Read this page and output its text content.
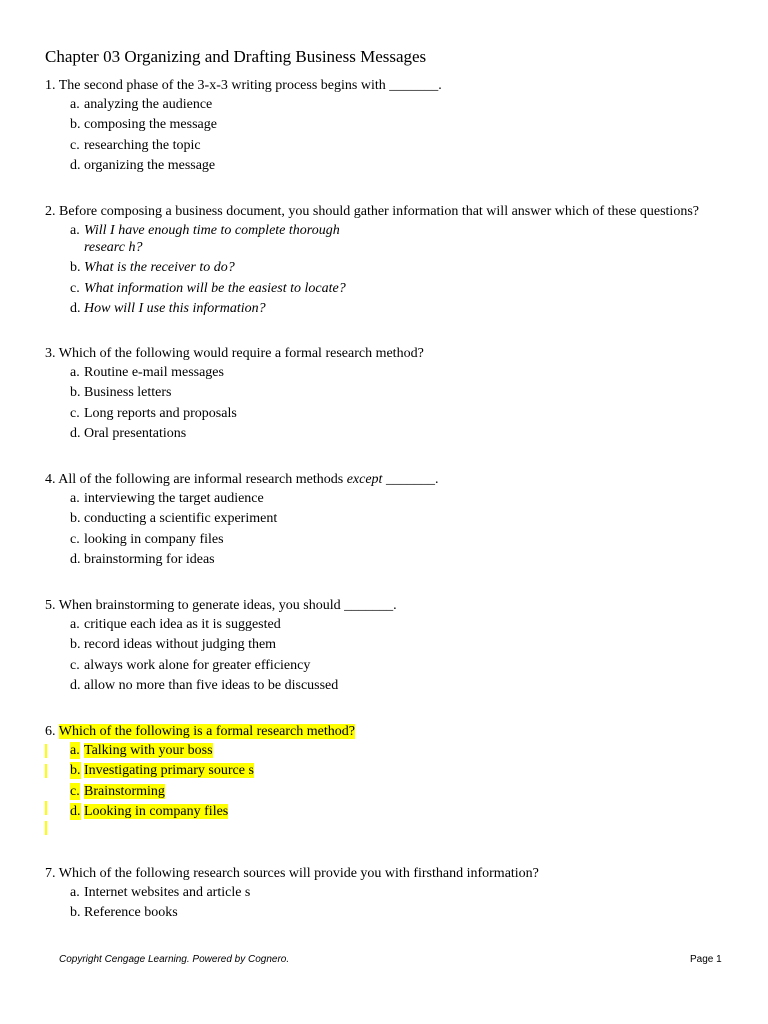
Chapter 03 Organizing and Drafting Business Messages
1. The second phase of the 3-x-3 writing process begins with _______.
a. analyzing the audience
b. composing the message
c. researching the topic
d. organizing the message
2. Before composing a business document, you should gather information that will answer which of these questions?
a. Will I have enough time to complete thorough researc h?
b. What is the receiver to do?
c. What information will be the easiest to locate?
d. How will I use this information?
3. Which of the following would require a formal research method?
a. Routine e-mail messages
b. Business letters
c. Long reports and proposals
d. Oral presentations
4. All of the following are informal research methods except _______.
a. interviewing the target audience
b. conducting a scientific experiment
c. looking in company files
d. brainstorming for ideas
5. When brainstorming to generate ideas, you should _______.
a. critique each idea as it is suggested
b. record ideas without judging them
c. always work alone for greater efficiency
d. allow no more than five ideas to be discussed
6. Which of the following is a formal research method?
a. Talking with your boss
b. Investigating primary source s
c. Brainstorming
d. Looking in company files
7. Which of the following research sources will provide you with firsthand information?
a. Internet websites and article s
b. Reference books
Copyright Cengage Learning. Powered by Cognero.	Page 1
